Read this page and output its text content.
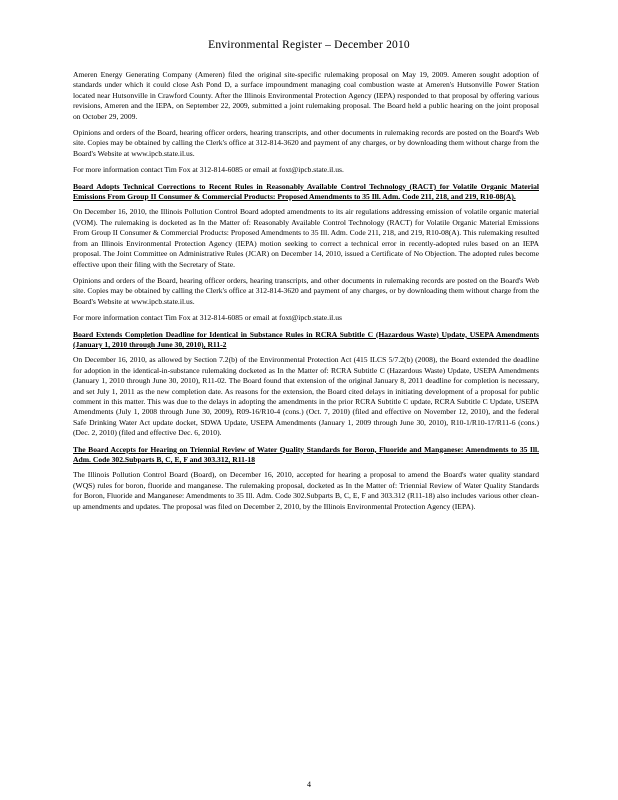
Environmental Register – December 2010

Ameren Energy Generating Company (Ameren) filed the original site-specific rulemaking proposal on May 19, 2009. Ameren sought adoption of standards under which it could close Ash Pond D, a surface impoundment managing coal combustion waste at Ameren's Hutsonville Power Station located near Hutsonville in Crawford County. After the Illinois Environmental Protection Agency (IEPA) responded to that proposal by offering various revisions, Ameren and the IEPA, on September 22, 2009, submitted a joint rulemaking proposal. The Board held a public hearing on the joint proposal on October 29, 2009.

Opinions and orders of the Board, hearing officer orders, hearing transcripts, and other documents in rulemaking records are posted on the Board's Web site. Copies may be obtained by calling the Clerk's office at 312-814-3620 and payment of any charges, or by downloading them without charge from the Board's Website at www.ipcb.state.il.us.

For more information contact Tim Fox at 312-814-6085 or email at foxt@ipcb.state.il.us.

Board Adopts Technical Corrections to Recent Rules in Reasonably Available Control Technology (RACT) for Volatile Organic Material Emissions From Group II Consumer & Commercial Products: Proposed Amendments to 35 Ill. Adm. Code 211, 218, and 219, R10-08(A).

On December 16, 2010, the Illinois Pollution Control Board adopted amendments to its air regulations addressing emission of volatile organic material (VOM). The rulemaking is docketed as In the Matter of: Reasonably Available Control Technology (RACT) for Volatile Organic Material Emissions From Group II Consumer & Commercial Products: Proposed Amendments to 35 Ill. Adm. Code 211, 218, and 219, R10-08(A). This rulemaking resulted from an Illinois Environmental Protection Agency (IEPA) motion seeking to correct a technical error in recently-adopted rules based on an IEPA proposal. The Joint Committee on Administrative Rules (JCAR) on December 14, 2010, issued a Certificate of No Objection. The adopted rules become effective upon their filing with the Secretary of State.

Opinions and orders of the Board, hearing officer orders, hearing transcripts, and other documents in rulemaking records are posted on the Board's Web site. Copies may be obtained by calling the Clerk's office at 312-814-3620 and payment of any charges, or by downloading them without charge from the Board's Website at www.ipcb.state.il.us.

For more information contact Tim Fox at 312-814-6085 or email at foxt@ipcb.state.il.us

Board Extends Completion Deadline for Identical in Substance Rules in RCRA Subtitle C (Hazardous Waste) Update, USEPA Amendments (January 1, 2010 through June 30, 2010), R11-2

On December 16, 2010, as allowed by Section 7.2(b) of the Environmental Protection Act (415 ILCS 5/7.2(b) (2008), the Board extended the deadline for adoption in the identical-in-substance rulemaking docketed as In the Matter of: RCRA Subtitle C (Hazardous Waste) Update, USEPA Amendments (January 1, 2010 through June 30, 2010), R11-02. The Board found that extension of the original January 8, 2011 deadline for completion is necessary, and set July 1, 2011 as the new completion date. As reasons for the extension, the Board cited delays in initiating development of a proposal for public comment in this matter. This was due to the delays in adopting the amendments in the prior RCRA Subtitle C update, RCRA Subtitle C Update, USEPA Amendments (July 1, 2008 through June 30, 2009), R09-16/R10-4 (cons.) (Oct. 7, 2010) (filed and effective on November 12, 2010), and the federal Safe Drinking Water Act update docket, SDWA Update, USEPA Amendments (January 1, 2009 through June 30, 2010), R10-1/R10-17/R11-6 (cons.) (Dec. 2, 2010) (filed and effective Dec. 6, 2010).

The Board Accepts for Hearing on Triennial Review of Water Quality Standards for Boron, Fluoride and Manganese: Amendments to 35 Ill. Adm. Code 302.Subparts B, C, E, F and 303.312, R11-18

The Illinois Pollution Control Board (Board), on December 16, 2010, accepted for hearing a proposal to amend the Board's water quality standard (WQS) rules for boron, fluoride and manganese. The rulemaking proposal, docketed as In the Matter of: Triennial Review of Water Quality Standards for Boron, Fluoride and Manganese: Amendments to 35 Ill. Adm. Code 302.Subparts B, C, E, F and 303.312 (R11-18) also includes various other clean-up amendments and updates. The proposal was filed on December 2, 2010, by the Illinois Environmental Protection Agency (IEPA).

4
